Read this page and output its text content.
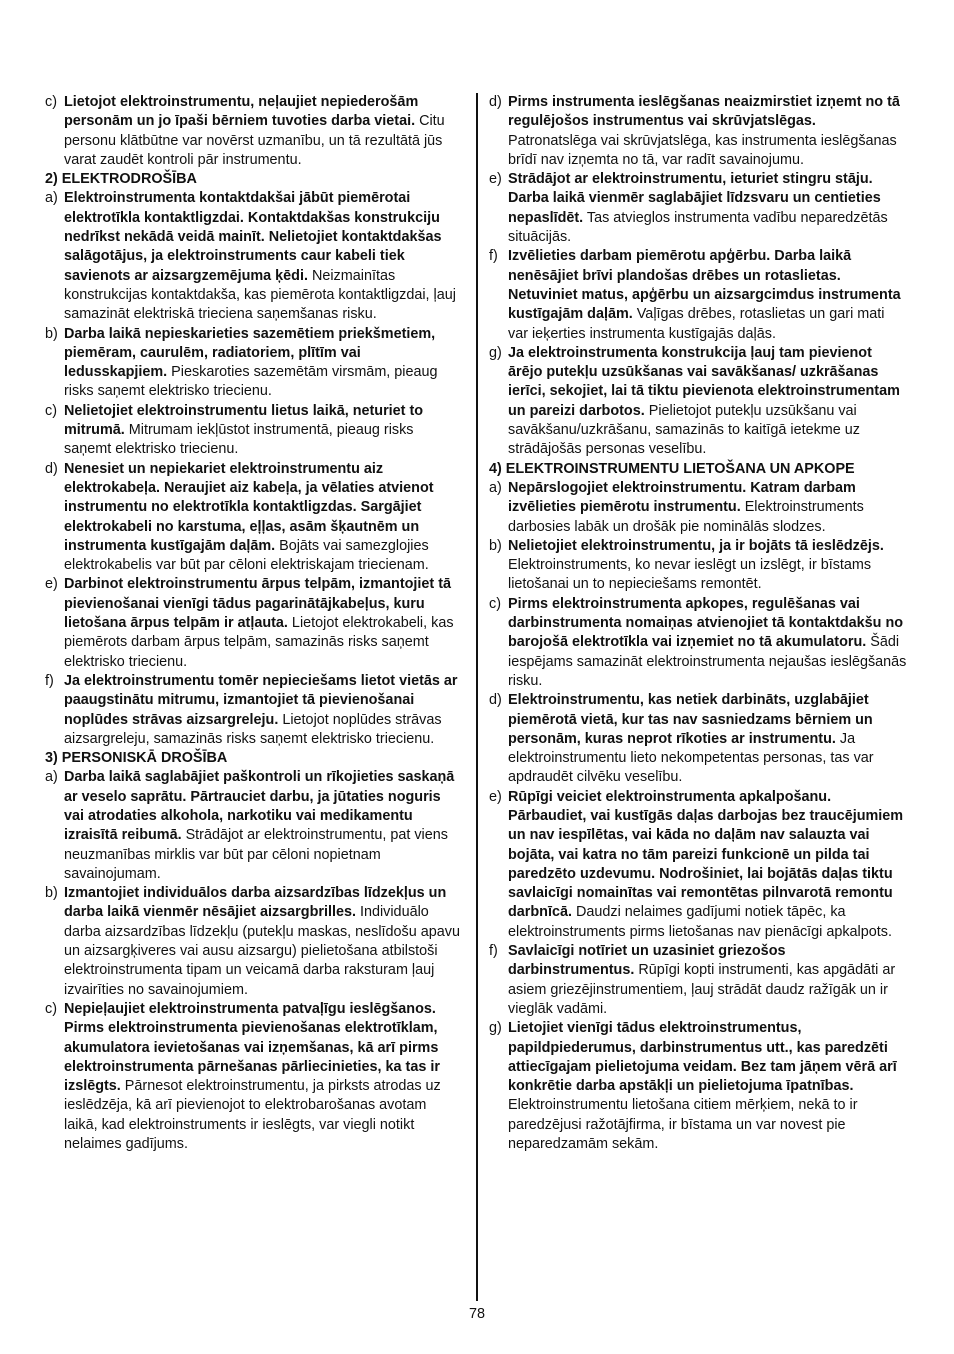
c) Lietojot elektroinstrumentu, neļaujiet nepiederošām personām un jo īpaši bērniem tuvoties darba vietai. Citu personu klātbūtne var novērst uzmanību, un tā rezultātā jūs varat zaudēt kontroli pār instrumentu.
2) ELEKTRODROŠĪBA
a) Elektroinstrumenta kontaktdakšai jābūt piemērotai elektrotīkla kontaktligzdai. Kontaktdakšas konstrukciju nedrīkst nekādā veidā mainīt. Nelietojiet kontaktdakšas salāgotājus, ja elektroinstruments caur kabeli tiek savienots ar aizsargzemējuma ķēdi. Neizmainītas konstrukcijas kontaktdakša, kas piemērota kontaktligzdai, ļauj samazināt elektriskā trieciena saņemšanas risku.
b) Darba laikā nepieskarieties sazemētiem priekšmetiem, piemēram, caurulēm, radiatoriem, plītīm vai ledusskapjiem. Pieskaroties sazemētām virsmām, pieaug risks saņemt elektrisko triecienu.
c) Nelietojiet elektroinstrumentu lietus laikā, neturiet to mitrumā. Mitrumam iekļūstot instrumentā, pieaug risks saņemt elektrisko triecienu.
d) Nenesiet un nepiekariet elektroinstrumentu aiz elektrokabeļa. Neraujiet aiz kabeļa, ja vēlaties atvienot instrumentu no elektrotīkla kontaktligzdas. Sargājiet elektrokabeli no karstuma, eļļas, asām šķautnēm un instrumenta kustīgajām daļām. Bojāts vai samezglojies elektrokabelis var būt par cēloni elektriskajam triecienam.
e) Darbinot elektroinstrumentu ārpus telpām, izmantojiet tā pievienošanai vienīgi tādus pagarinātājkabeļus, kuru lietošana ārpus telpām ir atļauta. Lietojot elektrokabeli, kas piemērots darbam ārpus telpām, samazinās risks saņemt elektrisko triecienu.
f) Ja elektroinstrumentu tomēr nepieciešams lietot vietās ar paaugstinātu mitrumu, izmantojiet tā pievienošanai noplūdes strāvas aizsargreleju. Lietojot noplūdes strāvas aizsargreleju, samazinās risks saņemt elektrisko triecienu.
3) PERSONISKĀ DROŠĪBA
a) Darba laikā saglabājiet paškontroli un rīkojieties saskaņā ar veselo saprātu. Pārtrauciet darbu, ja jūtaties noguris vai atrodaties alkohola, narkotiku vai medikamentu izraisītā reibumā. Strādājot ar elektroinstrumentu, pat viens neuzmanības mirklis var būt par cēloni nopietnam savainojumam.
b) Izmantojiet individuālos darba aizsardzības līdzekļus un darba laikā vienmēr nēsājiet aizsargbrilles. Individuālo darba aizsardzības līdzekļu (putekļu maskas, neslīdošu apavu un aizsargķiveres vai ausu aizsargu) pielietošana atbilstoši elektroinstrumenta tipam un veicamā darba raksturam ļauj izvairīties no savainojumiem.
c) Nepieļaujiet elektroinstrumenta patvaļīgu ieslēgšanos. Pirms elektroinstrumenta pievienošanas elektrotīklam, akumulatora ievietošanas vai izņemšanas, kā arī pirms elektroinstrumenta pārnešanas pārliecinieties, ka tas ir izslēgts. Pārnesot elektroinstrumentu, ja pirksts atrodas uz ieslēdzēja, kā arī pievienojot to elektrobarošanas avotam laikā, kad elektroinstruments ir ieslēgts, var viegli notikt nelaimes gadījums.
d) Pirms instrumenta ieslēgšanas neaizmirstiet izņemt no tā regulējošos instrumentus vai skrūvjatslēgas. Patronatslēga vai skrūvjatslēga, kas instrumenta ieslēgšanas brīdī nav izņemta no tā, var radīt savainojumu.
e) Strādājot ar elektroinstrumentu, ieturiet stingru stāju. Darba laikā vienmēr saglabājiet līdzsvaru un centieties nepaslīdēt. Tas atvieglos instrumenta vadību neparedzētās situācijās.
f) Izvēlieties darbam piemērotu apģērbu. Darba laikā nenēsājiet brīvi plandošas drēbes un rotaslietas. Netuviniet matus, apģērbu un aizsargcimdus instrumenta kustīgajām daļām. Vaļīgas drēbes, rotaslietas un gari mati var ieķerties instrumenta kustīgajās daļās.
g) Ja elektroinstrumenta konstrukcija ļauj tam pievienot ārējo putekļu uzsūkšanas vai savākšanas/ uzkrāšanas ierīci, sekojiet, lai tā tiktu pievienota elektroinstrumentam un pareizi darbotos. Pielietojot putekļu uzsūkšanu vai savākšanu/uzkrāšanu, samazinās to kaitīgā ietekme uz strādājošās personas veselību.
4) ELEKTROINSTRUMENTU LIETOŠANA UN APKOPE
a) Nepārslogojiet elektroinstrumentu. Katram darbam izvēlieties piemērotu instrumentu. Elektroinstruments darbosies labāk un drošāk pie nominālās slodzes.
b) Nelietojiet elektroinstrumentu, ja ir bojāts tā ieslēdzējs. Elektroinstruments, ko nevar ieslēgt un izslēgt, ir bīstams lietošanai un to nepieciešams remontēt.
c) Pirms elektroinstrumenta apkopes, regulēšanas vai darbinstrumenta nomaiņas atvienojiet tā kontaktdakšu no barojošā elektrotīkla vai izņemiet no tā akumulatoru. Šādi iespējams samazināt elektroinstrumenta nejaušas ieslēgšanās risku.
d) Elektroinstrumentu, kas netiek darbināts, uzglabājiet piemērotā vietā, kur tas nav sasniedzams bērniem un personām, kuras neprot rīkoties ar instrumentu. Ja elektroinstrumentu lieto nekompetentas personas, tas var apdraudēt cilvēku veselību.
e) Rūpīgi veiciet elektroinstrumenta apkalpošanu. Pārbaudiet, vai kustīgās daļas darbojas bez traucējumiem un nav iespīlētas, vai kāda no daļām nav salauzta vai bojāta, vai katra no tām pareizi funkcionē un pilda tai paredzēto uzdevumu. Nodrošiniet, lai bojātās daļas tiktu savlaicīgi nomainītas vai remontētas pilnvarotā remontu darbnīcā. Daudzi nelaimes gadījumi notiek tāpēc, ka elektroinstruments pirms lietošanas nav pienācīgi apkalpots.
f) Savlaicīgi notīriet un uzasiniet griezošos darbinstrumentus. Rūpīgi kopti instrumenti, kas apgādāti ar asiem griezējinstrumentiem, ļauj strādāt daudz ražīgāk un ir vieglāk vadāmi.
g) Lietojiet vienīgi tādus elektroinstrumentus, papildpiederumus, darbinstrumentus utt., kas paredzēti attiecīgajam pielietojuma veidam. Bez tam jāņem vērā arī konkrētie darba apstākļi un pielietojuma īpatnības. Elektroinstrumentu lietošana citiem mērķiem, nekā to ir paredzējusi ražotājfirma, ir bīstama un var novest pie neparedzamām sekām.
78
